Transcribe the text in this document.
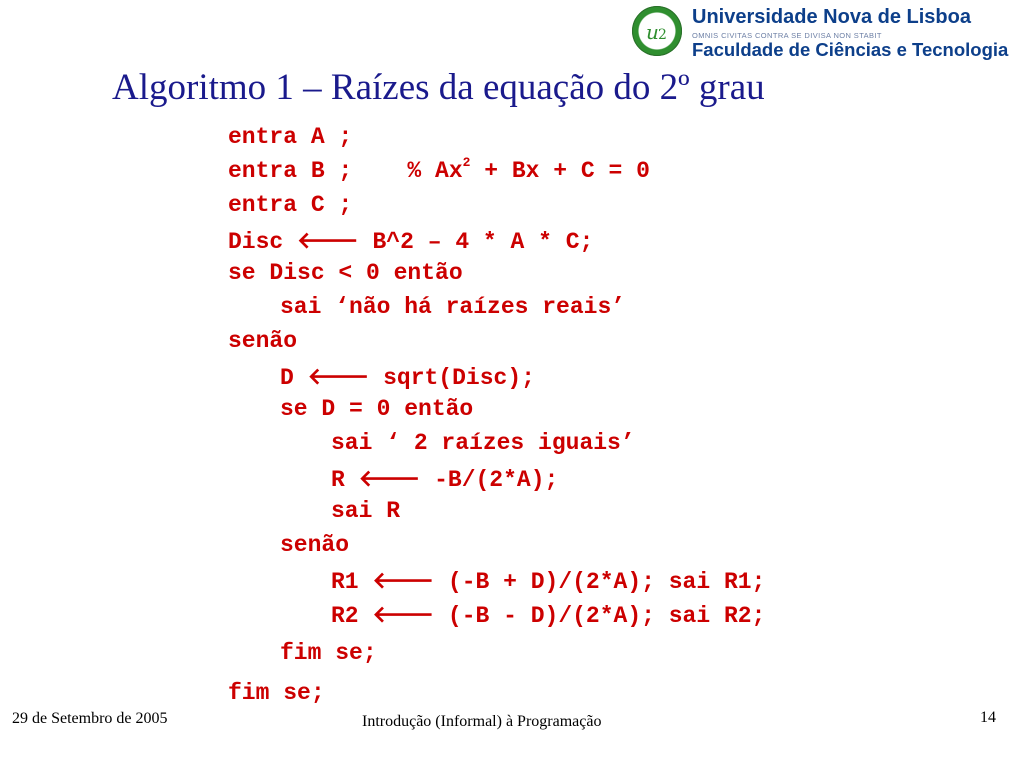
u 2
Universidade Nova de Lisboa
OMNIS CIVITAS CONTRA SE DIVISA NON STABIT
Faculdade de Ciências e Tecnologia
Algoritmo 1 – Raízes da equação do 2º grau
entra A ;
entra B ;    % $Ax^2 + Bx + C = 0$
entra C ;
Disc 🡐 B^2 – 4 * A * C;
se Disc < 0 então
sai ‘não há raízes reais’
senão
D 🡐 sqrt(Disc);
se D = 0 então
sai ‘ 2 raízes iguais’
R 🡐 -B/(2*A);
sai R
senão
R1 🡐 (-B + D)/(2*A); sai R1;
R2 🡐 (-B - D)/(2*A); sai R2;
fim se;
fim se;
29 de Setembro de 2005	Introdução (Informal) à Programação	14
